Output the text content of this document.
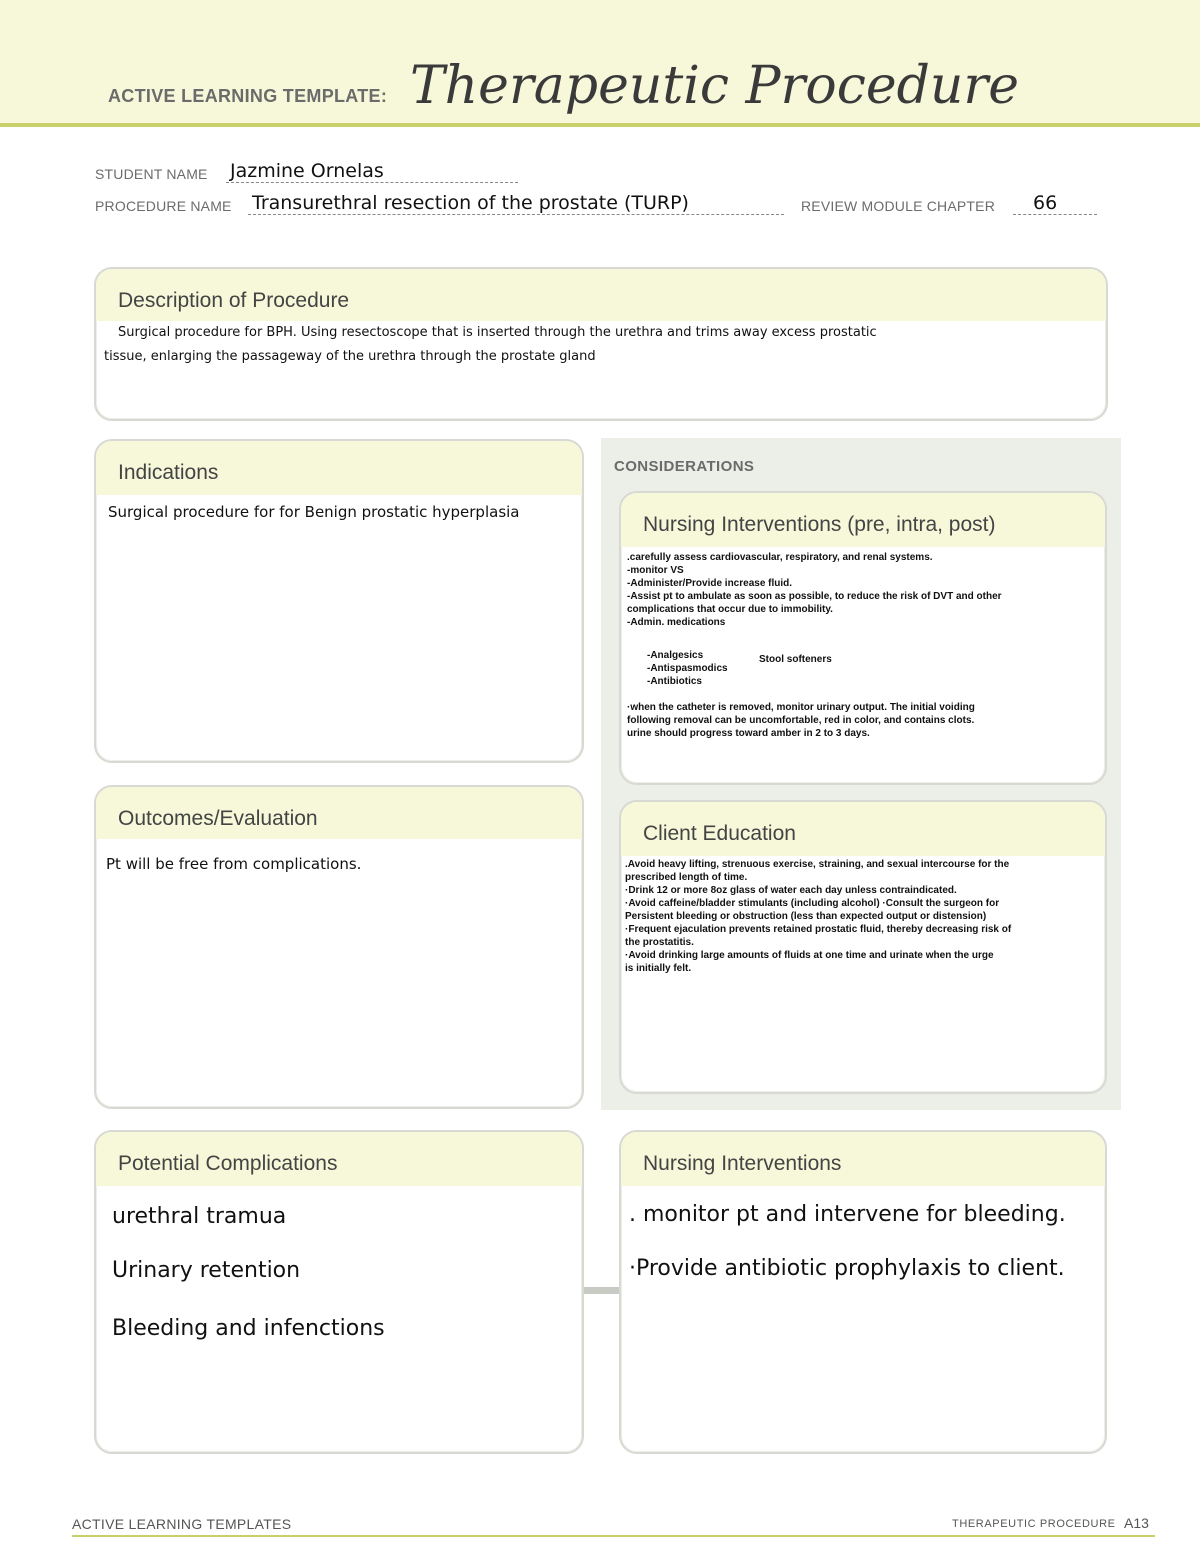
ACTIVE LEARNING TEMPLATE: Therapeutic Procedure
STUDENT NAME Jazmine Ornelas
PROCEDURE NAME Transurethral resection of the prostate (TURP)	REVIEW MODULE CHAPTER 66
Description of Procedure
Surgical procedure for BPH. Using resectoscope that is inserted through the urethra and trims away excess prostatic
tissue, enlarging the passageway of the urethra through the prostate gland
Indications
Surgical procedure for for Benign prostatic hyperplasia
Outcomes/Evaluation
Pt will be free from complications.
CONSIDERATIONS
Nursing Interventions (pre, intra, post)
.carefully assess cardiovascular, respiratory, and renal systems.
-monitor VS
-Administer/Provide increase fluid.
-Assist pt to ambulate as soon as possible, to reduce the risk of DVT and other
complications that occur due to immobility.
-Admin. medications
-Analgesics
-Antispasmodics
-Antibiotics
Stool softeners
·when the catheter is removed, monitor urinary output. The initial voiding
following removal can be uncomfortable, red in color, and contains clots.
urine should progress toward amber in 2 to 3 days.
Client Education
.Avoid heavy lifting, strenuous exercise, straining, and sexual intercourse for the
prescribed length of time.
·Drink 12 or more 8oz glass of water each day unless contraindicated.
·Avoid caffeine/bladder stimulants (including alcohol) ·Consult the surgeon for
Persistent bleeding or obstruction (less than expected output or distension)
·Frequent ejaculation prevents retained prostatic fluid, thereby decreasing risk of
the prostatitis.
·Avoid drinking large amounts of fluids at one time and urinate when the urge
is initially felt.
Potential Complications
urethral tramua
Urinary retention
Bleeding and infenctions
Nursing Interventions
. monitor pt and intervene for bleeding.
·Provide antibiotic prophylaxis to client.
ACTIVE LEARNING TEMPLATES	THERAPEUTIC PROCEDURE A13
